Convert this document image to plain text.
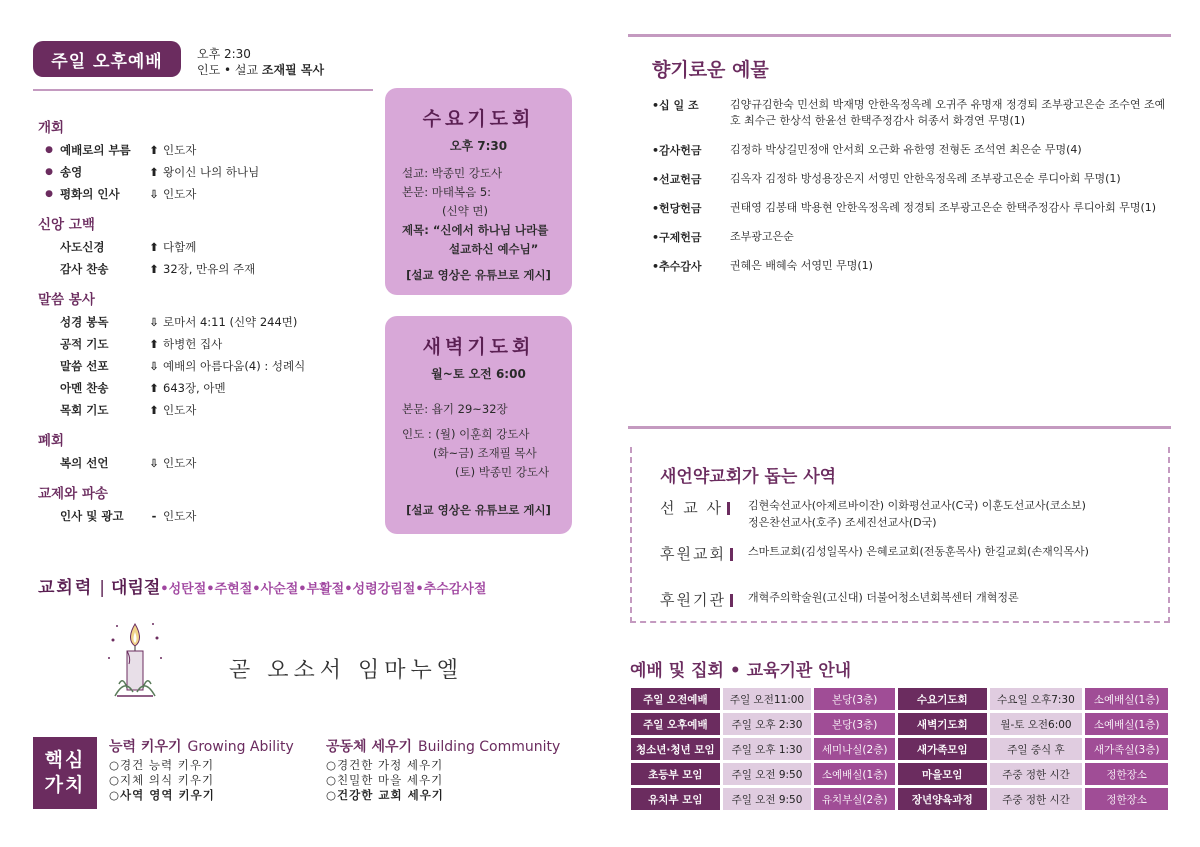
주일 오후예배	오후 2:30
인도 • 설교 조재필 목사
개회
● 예배로의 부름	⬆ 인도자
● 송영	⬆ 왕이신 나의 하나님
● 평화의 인사	⇩ 인도자
신앙 고백
사도신경	⬆ 다함께
감사 찬송	⬆ 32장, 만유의 주재
말씀 봉사
성경 봉독	⇩ 로마서 4:11 (신약 244면)
공적 기도	⬆ 하병헌 집사
말씀 선포	⇩ 예배의 아름다움(4) : 성례식
아멘 찬송	⬆ 643장, 아멘
목회 기도	⬆ 인도자
폐회
복의 선언	⇩ 인도자
교제와 파송
인사 및 광고	- 인도자
수요기도회
오후 7:30
설교: 박종민 강도사
본문: 마태복음 5:
(신약 면)
제목: “신에서 하나님 나라를
설교하신 예수님”
[설교 영상은 유튜브로 게시]
새벽기도회
월~토 오전 6:00
본문: 욥기 29~32장
인도 : (월) 이훈희 강도사
(화~금) 조재필 목사
(토) 박종민 강도사
[설교 영상은 유튜브로 게시]
교회력 | 대림절 •성탄절•주현절•사순절•부활절•성령강림절•추수감사절
곧 오소서 임마누엘
핵심
가치
능력 키우기 Growing Ability
○경건 능력 키우기
○지체 의식 키우기
○사역 영역 키우기
공동체 세우기 Building Community
○경건한 가정 세우기
○친밀한 마을 세우기
○건강한 교회 세우기
향기로운 예물
•십 일 조	김양규김한숙 민선희 박재명 안한옥정옥례 오귀주 유명재 정경퇴 조부광고은순 조수연 조예호 최수근 한상석 한윤선 한택주정감사 허종서 화경연 무명(1)
•감사헌금	김정하 박상길민정애 안서희 오근화 유한영 전형돈 조석연 최은순 무명(4)
•선교헌금	김옥자 김정하 방성용장은지 서영민 안한옥정옥례 조부광고은순 루디아회 무명(1)
•헌당헌금	권태영 김봉태 박용현 안한옥정옥례 정경퇴 조부광고은순 한택주정감사 루디아회 무명(1)
•구제헌금	조부광고은순
•추수감사	권혜은 배혜숙 서영민 무명(1)
새언약교회가 돕는 사역
선 교 사	김현숙선교사(아제르바이잔) 이화평선교사(C국) 이훈도선교사(코소보)
정은찬선교사(호주) 조세진선교사(D국)
후원교회	스마트교회(김성일목사) 은혜로교회(전동훈목사) 한길교회(손재익목사)
후원기관	개혁주의학술원(고신대) 더불어청소년회복센터 개혁정론
예배 및 집회 • 교육기관 안내
주일 오전예배	주일 오전11:00	본당(3층)	수요기도회	수요일 오후7:30	소예배실(1층)
주일 오후예배	주일 오후 2:30	본당(3층)	새벽기도회	월-토 오전6:00	소예배실(1층)
청소년·청년 모임	주일 오후 1:30	세미나실(2층)	새가족모임	주일 중식 후	새가족실(3층)
초등부 모임	주일 오전 9:50	소예배실(1층)	마을모임	주중 정한 시간	정한장소
유치부 모임	주일 오전 9:50	유치부실(2층)	장년양육과정	주중 정한 시간	정한장소
